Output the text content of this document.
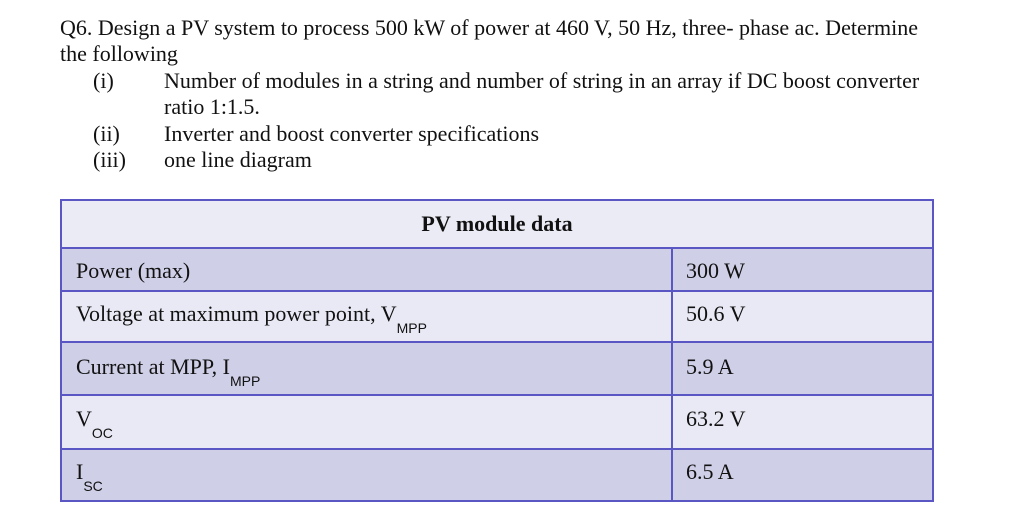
Q6. Design a PV system to process 500 kW of power at 460 V, 50 Hz, three- phase ac. Determine
the following
(i) Number of modules in a string and number of string in an array if DC boost converter
ratio 1:1.5.
(ii) Inverter and boost converter specifications
(iii) one line diagram
PV module data
Power (max)	300 W
Voltage at maximum power point, $V_{MPP}$
50.6 V
Current at MPP, $I_{MPP}$
5.9 A
$V_{OC}$
63.2 V
$I_{SC}$
6.5 A
